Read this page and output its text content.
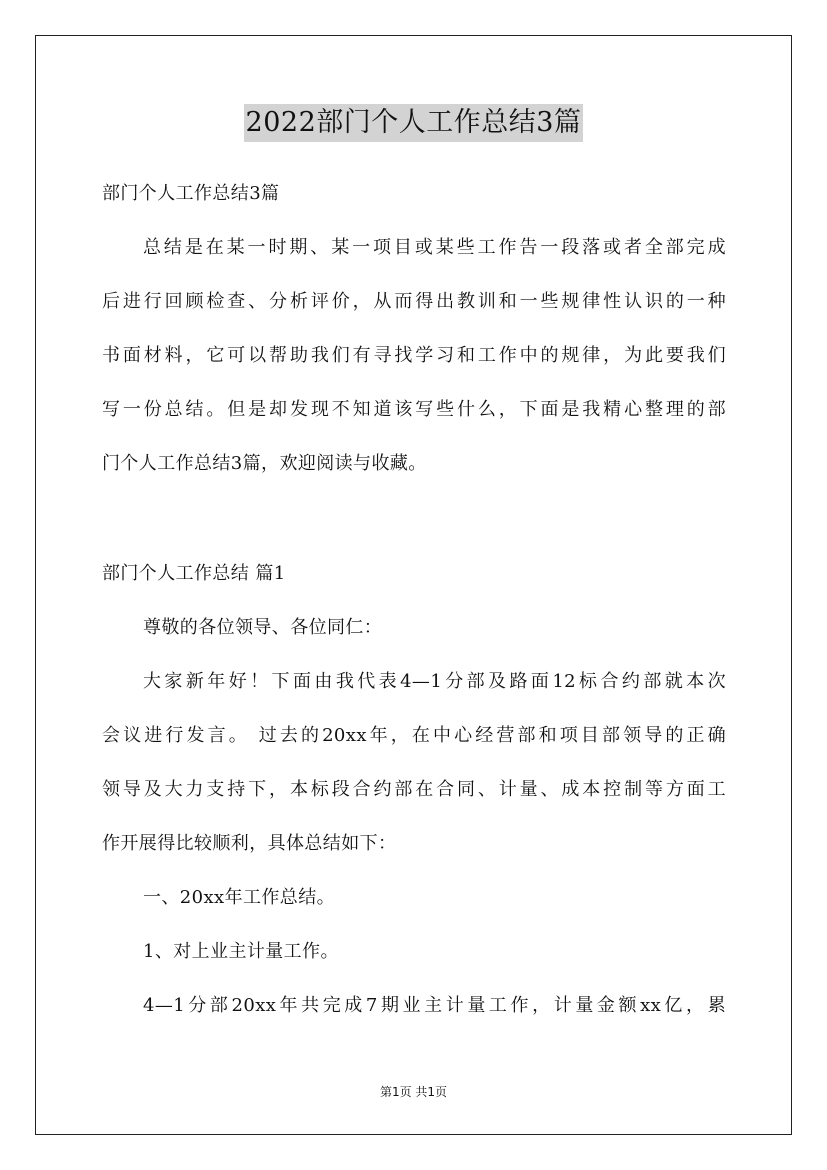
2022部门个人工作总结3篇
部门个人工作总结3篇
总结是在某一时期、某一项目或某些工作告一段落或者全部完成
后进行回顾检查、分析评价，从而得出教训和一些规律性认识的一种
书面材料，它可以帮助我们有寻找学习和工作中的规律，为此要我们
写一份总结。但是却发现不知道该写些什么，下面是我精心整理的部
门个人工作总结3篇，欢迎阅读与收藏。
部门个人工作总结 篇1
尊敬的各位领导、各位同仁：
大家新年好！下面由我代表4—1分部及路面12标合约部就本次
会议进行发言。 过去的20xx年，在中心经营部和项目部领导的正确
领导及大力支持下，本标段合约部在合同、计量、成本控制等方面工
作开展得比较顺利，具体总结如下：
一、20xx年工作总结。
1、对上业主计量工作。
4—1分部20xx年共完成7期业主计量工作，计量金额xx亿，累
第1页 共1页
